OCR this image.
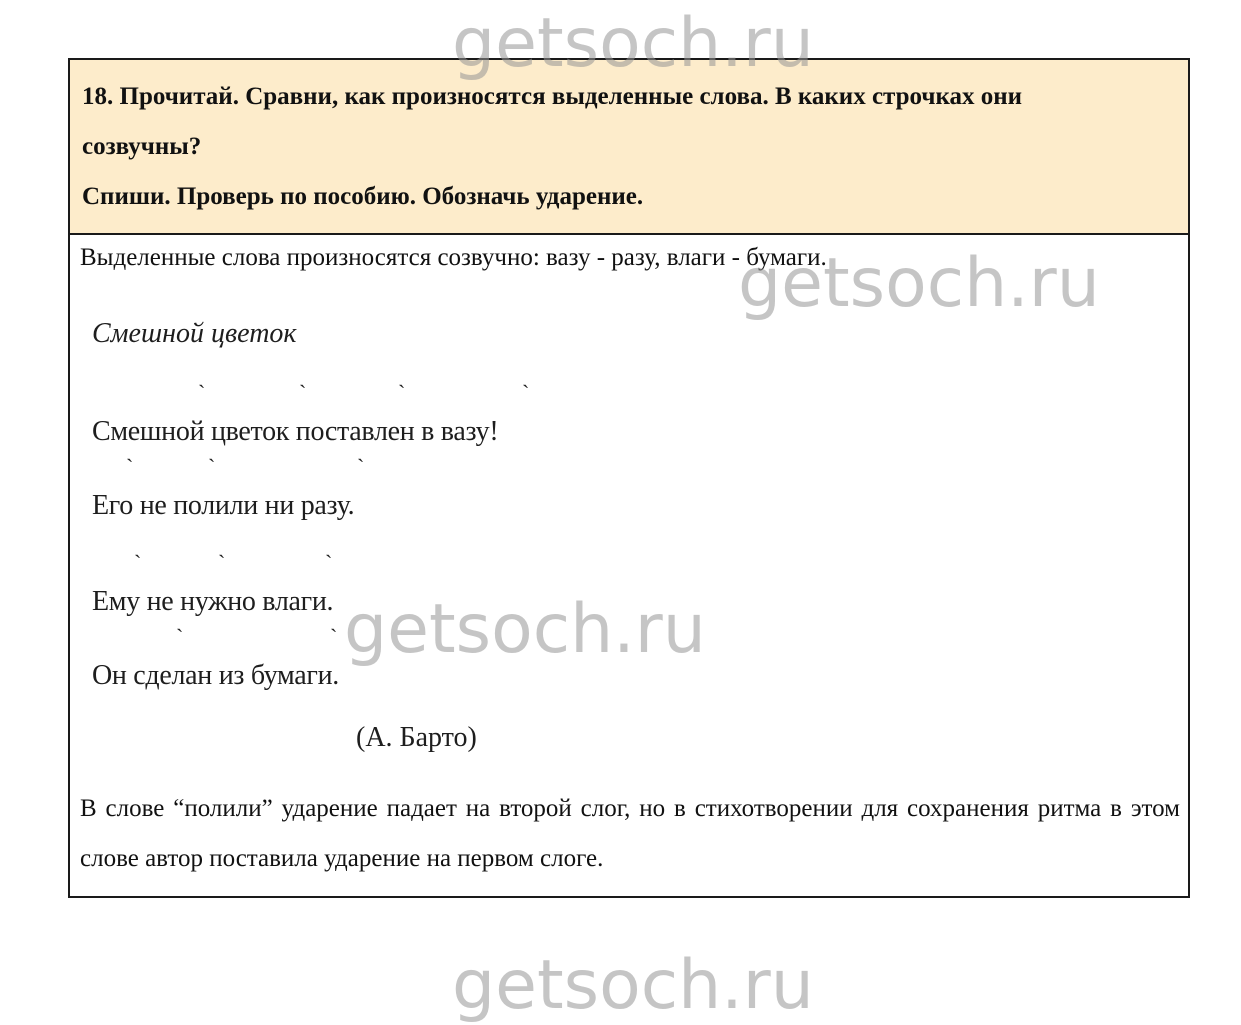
18. Прочитай. Сравни, как произносятся выделенные слова. В каких строчках они

созвучны?

Спиши. Проверь по пособию. Обозначь ударение.

Выделенные слова произносятся созвучно: вазу - разу, влаги - бумаги.

Смешной цветок
`	`	`	`
Смешной цветок поставлен в вазу!
`	`	`
Его не полили ни разу.
`	`	`
Ему не нужно влаги.
`	`
Он сделан из бумаги.
(А. Барто)

В слове “полили” ударение падает на второй слог, но в стихотворении для сохранения ритма в этом слове автор поставила ударение на первом слоге.

getsoch.ru
getsoch.ru
getsoch.ru
getsoch.ru
